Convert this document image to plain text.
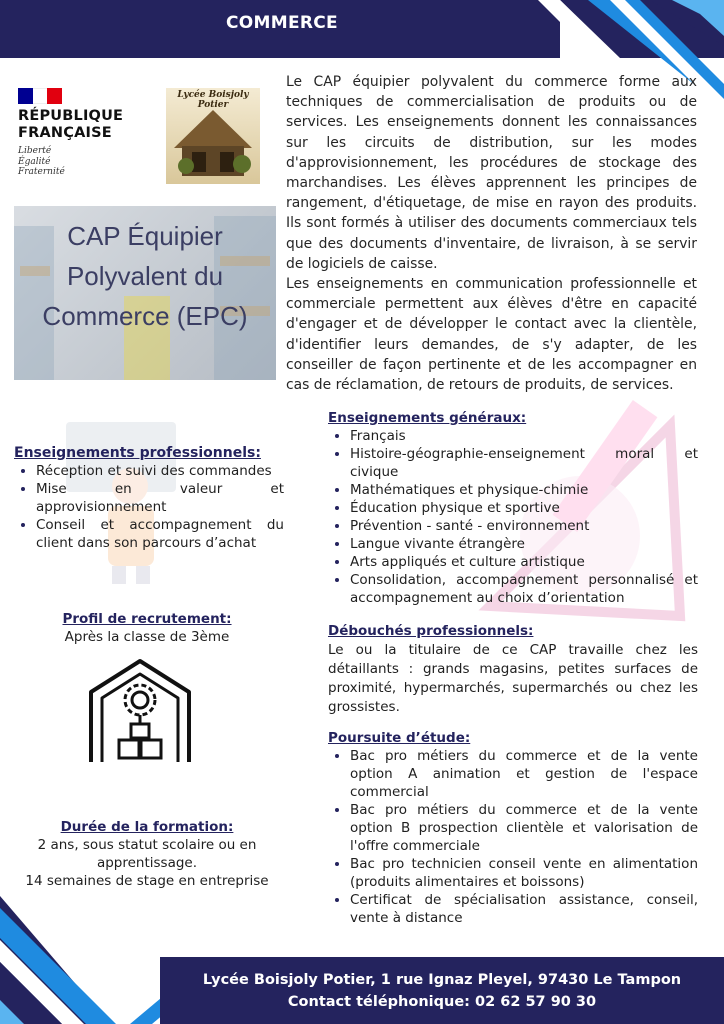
COMMERCE
RÉPUBLIQUE FRANÇAISE
Liberté
Égalité
Fraternité
Lycée Boisjoly Potier
CAP Équipier Polyvalent du Commerce (EPC)

Le CAP équipier polyvalent du commerce forme aux techniques de commercialisation de produits ou de services. Les enseignements donnent les connaissances sur les circuits de distribution, sur les modes d'approvisionnement, les procédures de stockage des marchandises. Les élèves apprennent les principes de rangement, d'étiquetage, de mise en rayon des produits. Ils sont formés à utiliser des documents commerciaux tels que des documents d'inventaire, de livraison, à se servir de logiciels de caisse.

Les enseignements en communication professionnelle et commerciale permettent aux élèves d'être en capacité d'engager et de développer le contact avec la clientèle, d'identifier leurs demandes, de s'y adapter, de les conseiller de façon pertinente et de les accompagner en cas de réclamation, de retours de produits, de services.

Enseignements professionnels:
• Réception et suivi des commandes
• Mise en valeur et approvisionnement
• Conseil et accompagnement du client dans son parcours d’achat
Enseignements généraux:
• Français
• Histoire-géographie-enseignement moral et civique
• Mathématiques et physique-chimie
• Éducation physique et sportive
• Prévention - santé - environnement
• Langue vivante étrangère
• Arts appliqués et culture artistique
• Consolidation, accompagnement personnalisé et accompagnement au choix d’orientation
Profil de recrutement:
Après la classe de 3ème	Débouchés professionnels:
Le ou la titulaire de ce CAP travaille chez les détaillants : grands magasins, petites surfaces de proximité, hypermarchés, supermarchés ou chez les grossistes.
Durée de la formation:
2 ans, sous statut scolaire ou en apprentissage.
14 semaines de stage en entreprise
Poursuite d’étude:
• Bac pro métiers du commerce et de la vente option A animation et gestion de l'espace commercial
• Bac pro métiers du commerce et de la vente option B prospection clientèle et valorisation de l'offre commerciale
• Bac pro technicien conseil vente en alimentation (produits alimentaires et boissons)
• Certificat de spécialisation assistance, conseil, vente à distance
Lycée Boisjoly Potier, 1 rue Ignaz Pleyel, 97430 Le Tampon
Contact téléphonique: 02 62 57 90 30
